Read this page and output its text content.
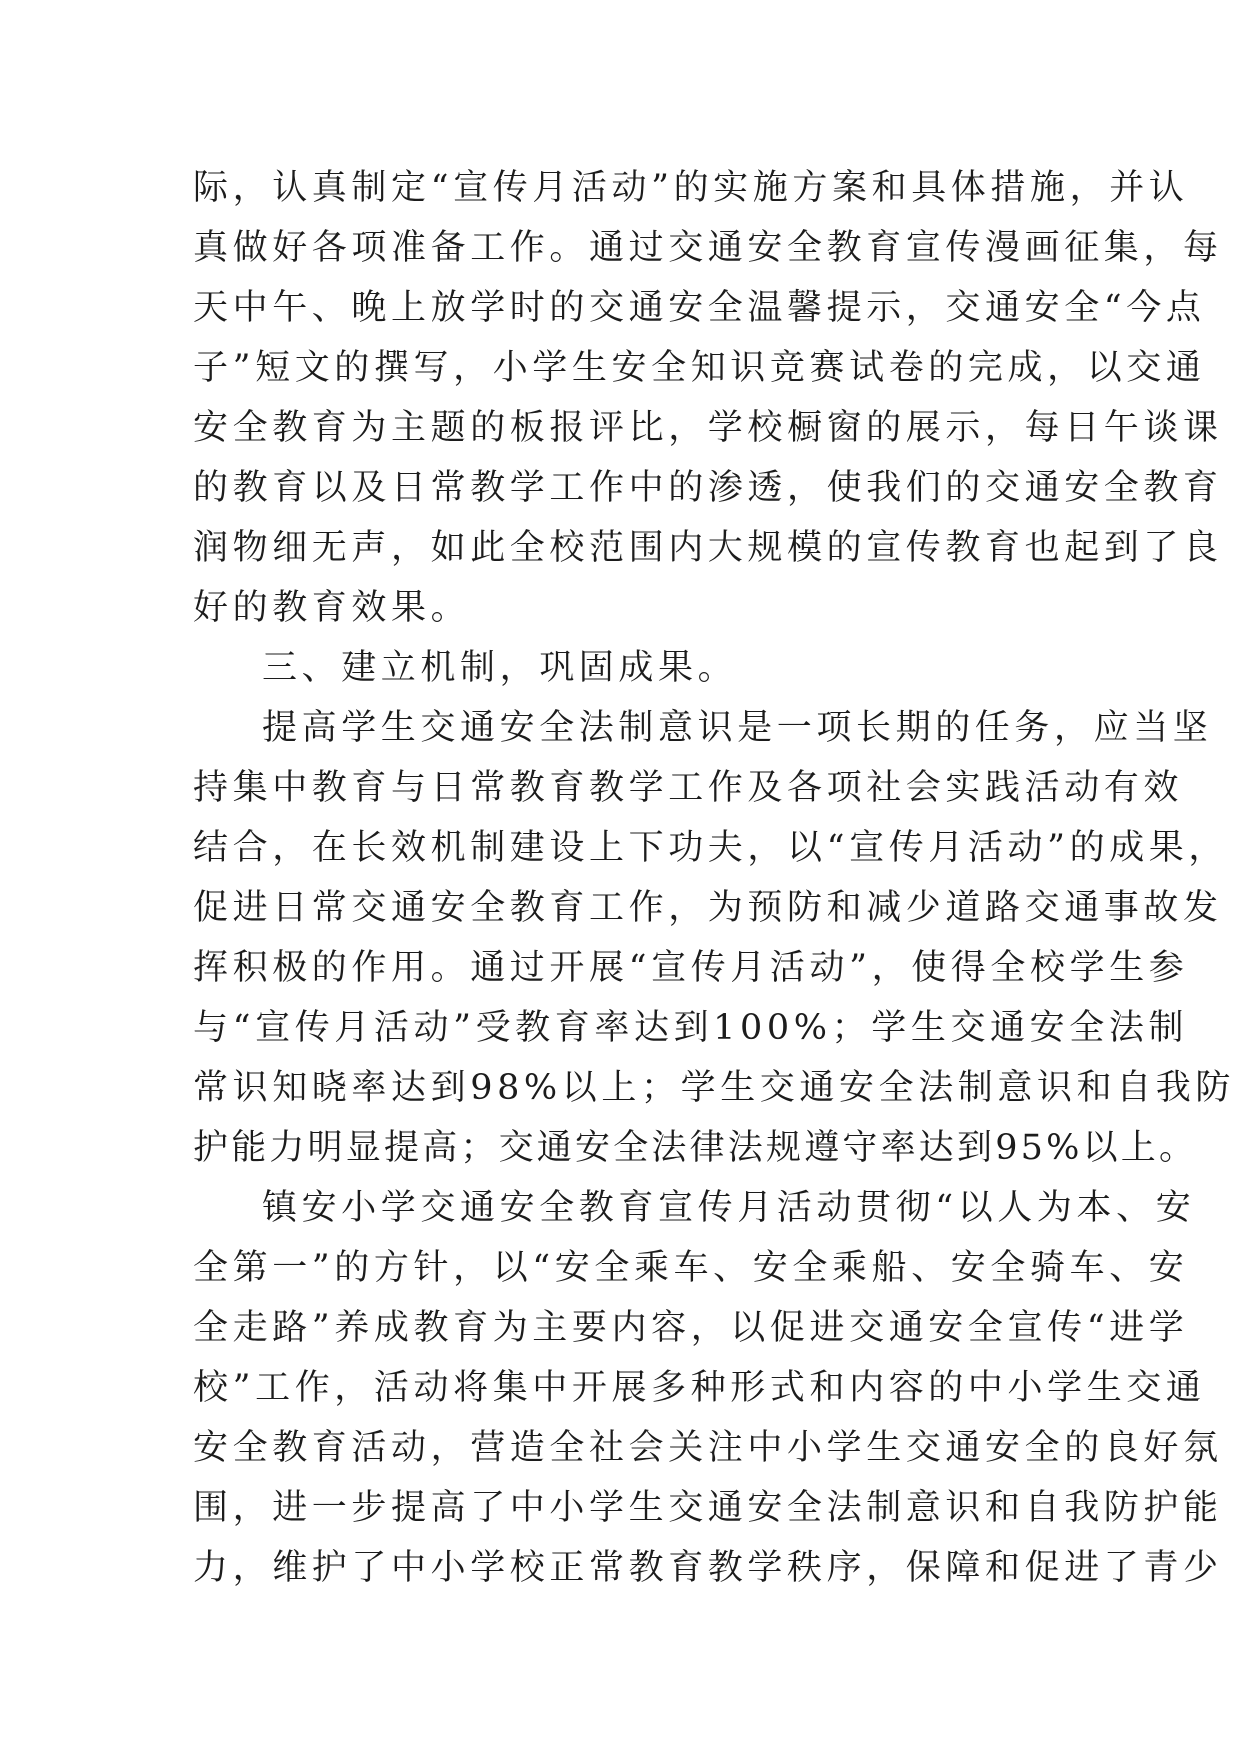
际，认真制定“宣传月活动”的实施方案和具体措施，并认
真做好各项准备工作。通过交通安全教育宣传漫画征集，每
天中午、晚上放学时的交通安全温馨提示，交通安全“今点
子”短文的撰写，小学生安全知识竞赛试卷的完成，以交通
安全教育为主题的板报评比，学校橱窗的展示，每日午谈课
的教育以及日常教学工作中的渗透，使我们的交通安全教育
润物细无声，如此全校范围内大规模的宣传教育也起到了良
好的教育效果。
三、建立机制，巩固成果。
提高学生交通安全法制意识是一项长期的任务，应当坚
持集中教育与日常教育教学工作及各项社会实践活动有效
结合，在长效机制建设上下功夫，以“宣传月活动”的成果，
促进日常交通安全教育工作，为预防和减少道路交通事故发
挥积极的作用。通过开展“宣传月活动”，使得全校学生参
与“宣传月活动”受教育率达到100%；学生交通安全法制
常识知晓率达到98%以上；学生交通安全法制意识和自我防
护能力明显提高；交通安全法律法规遵守率达到95%以上。
镇安小学交通安全教育宣传月活动贯彻“以人为本、安
全第一”的方针，以“安全乘车、安全乘船、安全骑车、安
全走路”养成教育为主要内容，以促进交通安全宣传“进学
校”工作，活动将集中开展多种形式和内容的中小学生交通
安全教育活动，营造全社会关注中小学生交通安全的良好氛
围，进一步提高了中小学生交通安全法制意识和自我防护能
力，维护了中小学校正常教育教学秩序，保障和促进了青少
